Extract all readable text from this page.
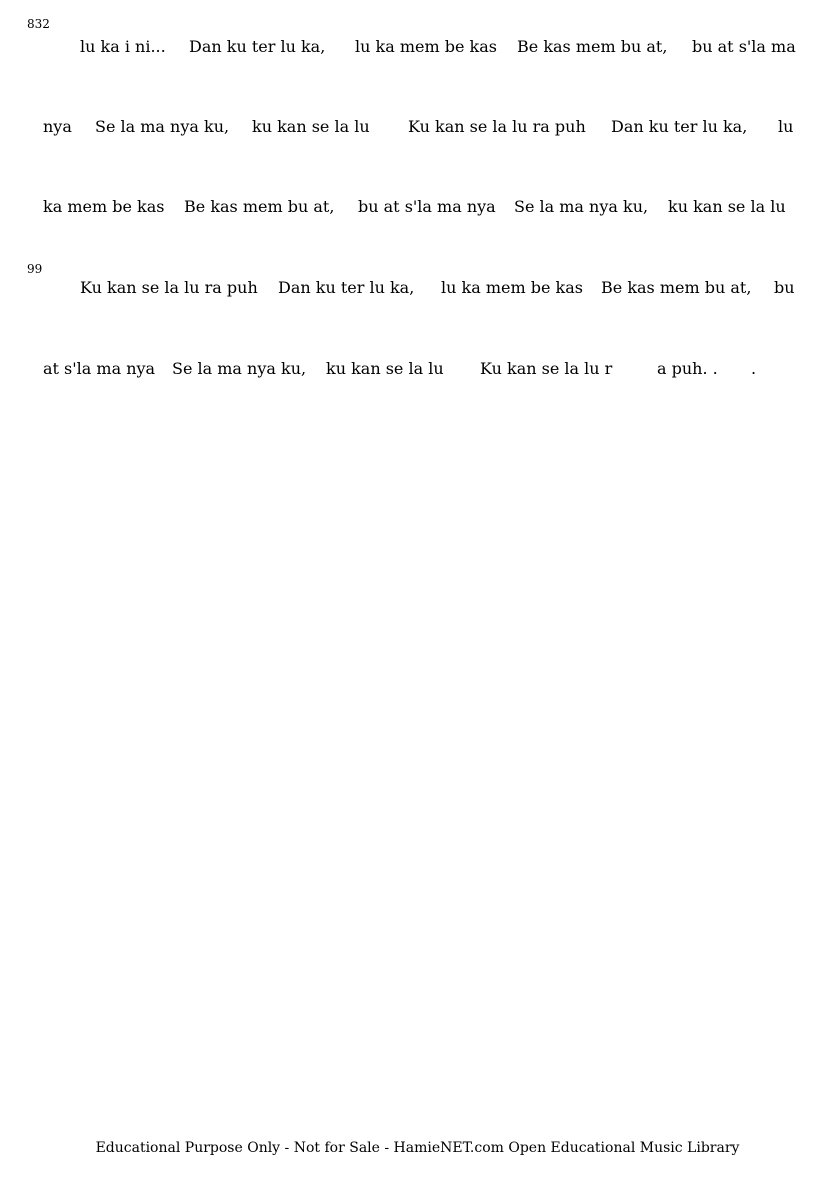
832
lu ka i ni... Dan ku ter lu ka, lu ka mem be kas Be kas mem bu at, bu at s'la ma
nya Se la ma nya ku, ku kan se la lu Ku kan se la lu ra puh Dan ku ter lu ka, lu
ka mem be kas Be kas mem bu at, bu at s'la ma nya Se la ma nya ku, ku kan se la lu
99
Ku kan se la lu ra puh Dan ku ter lu ka, lu ka mem be kas Be kas mem bu at, bu
at s'la ma nya Se la ma nya ku, ku kan se la lu Ku kan se la lu r	a puh. . .
Educational Purpose Only - Not for Sale - HamieNET.com Open Educational Music Library
